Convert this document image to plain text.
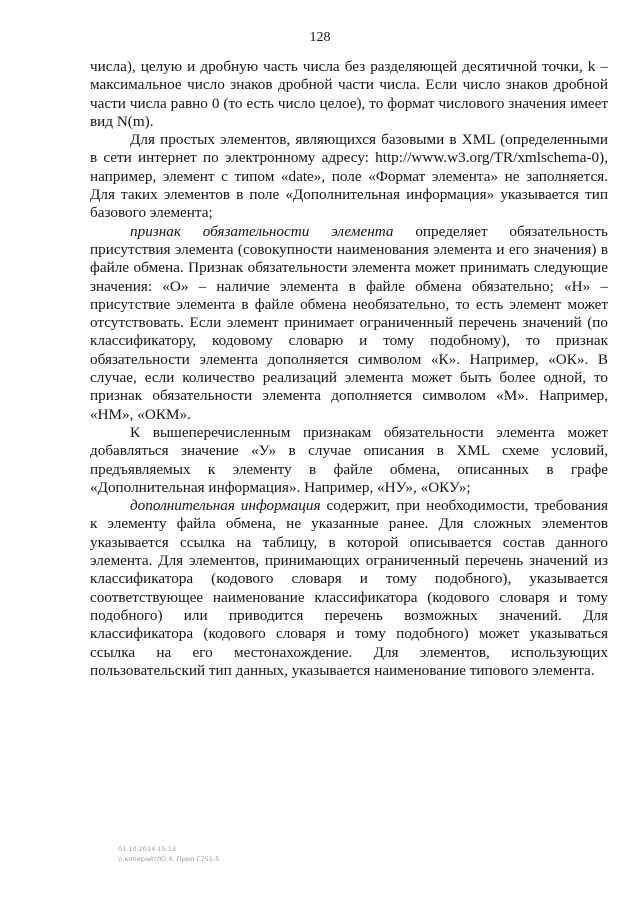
128

числа), целую и дробную часть числа без разделяющей десятичной точки, k – максимальное число знаков дробной части числа. Если число знаков дробной части числа равно 0 (то есть число целое), то формат числового значения имеет вид N(m).

Для простых элементов, являющихся базовыми в XML (определенными в сети интернет по электронному адресу: http://www.w3.org/TR/xmlschema-0), например, элемент с типом «date», поле «Формат элемента» не заполняется. Для таких элементов в поле «Дополнительная информация» указывается тип базового элемента;

признак обязательности элемента определяет обязательность присутствия элемента (совокупности наименования элемента и его значения) в файле обмена. Признак обязательности элемента может принимать следующие значения: «О» – наличие элемента в файле обмена обязательно; «Н» – присутствие элемента в файле обмена необязательно, то есть элемент может отсутствовать. Если элемент принимает ограниченный перечень значений (по классификатору, кодовому словарю и тому подобному), то признак обязательности элемента дополняется символом «К». Например, «ОК». В случае, если количество реализаций элемента может быть более одной, то признак обязательности элемента дополняется символом «М». Например, «НМ», «ОКМ».

К вышеперечисленным признакам обязательности элемента может добавляться значение «У» в случае описания в XML схеме условий, предъявляемых к элементу в файле обмена, описанных в графе «Дополнительная информация». Например, «НУ», «ОКУ»;

дополнительная информация содержит, при необходимости, требования к элементу файла обмена, не указанные ранее. Для сложных элементов указывается ссылка на таблицу, в которой описывается состав данного элемента. Для элементов, принимающих ограниченный перечень значений из классификатора (кодового словаря и тому подобного), указывается соответствующее наименование классификатора (кодового словаря и тому подобного) или приводится перечень возможных значений. Для классификатора (кодового словаря и тому подобного) может указываться ссылка на его местонахождение. Для элементов, использующих пользовательский тип данных, указывается наименование типового элемента.

01.10.2014 15:13
\\ копирайт/Ю.Х. Прил-Г751-5
